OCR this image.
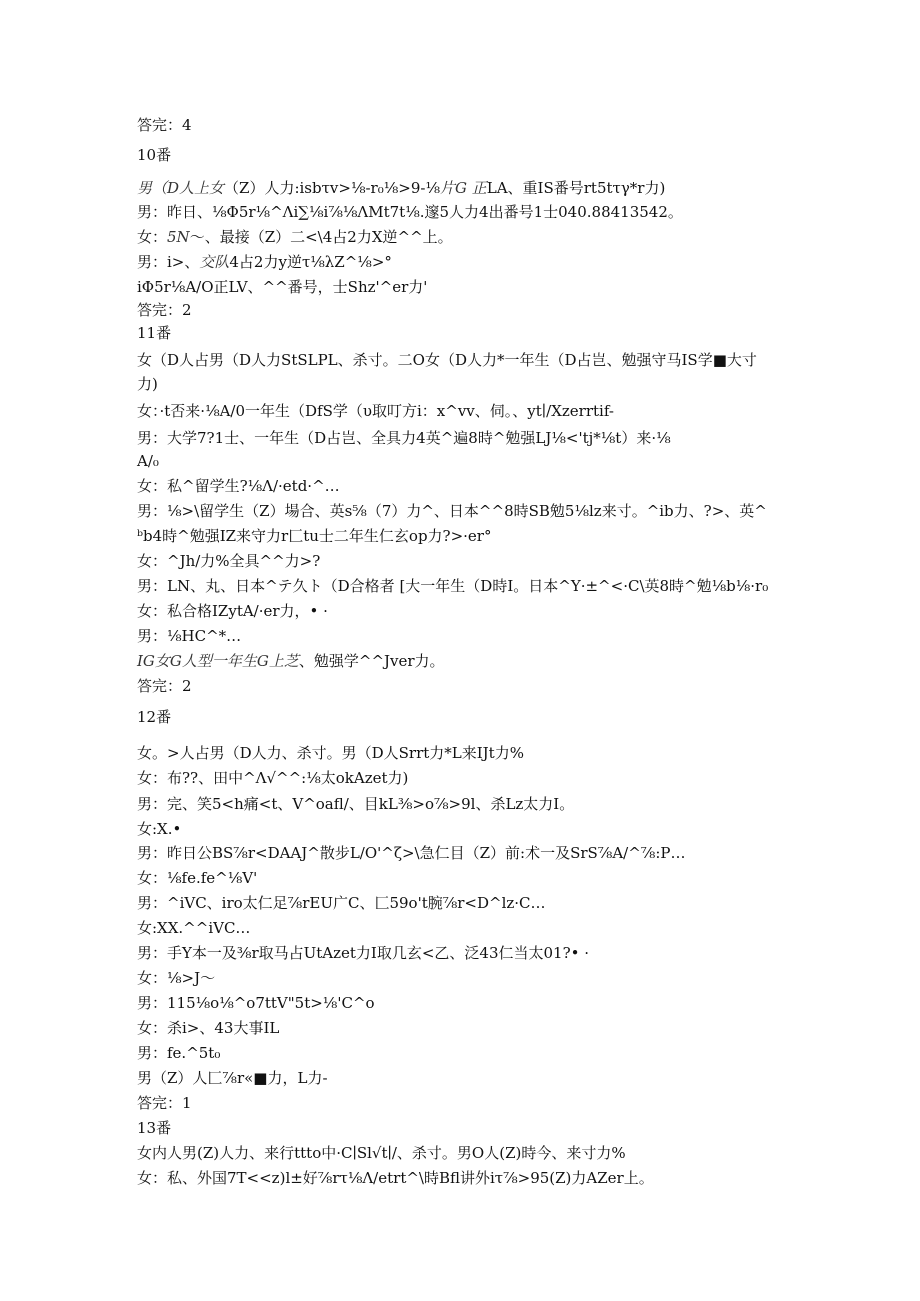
答完：4
10番
男（D人上女（Z）人力:isbτv>⅛-r₀⅛>9-⅛片G 正LA、重IS番号rt5tτγ*r力)
男：昨日、⅛Φ5r⅛^Λi∑⅛i⅞⅛ΛMt7t⅛.邃5人力4出番号1士040.88413542。
女：5N～、最接（Z）二<\4占2力X逆^^上。
男：i>、交队4占2力y逆τ⅛λZ^⅛>°
iΦ5r⅛A/O正LV、^^番号，士Shz'^er力'
答完：2
11番
女（D人占男（D人力StSLPL、杀寸。二O女（D人力*一年生（D占岂、勉强守马IS学■大寸
力)
女：·t否来·⅛A/0一年生（DfS学（υ取叮方i：x^vv、伺。、yt∣/Xzerrtif-
男：大学7?1士、一年生（D占岂、全具力4英^遍8時^勉强LJ⅛<'tj*⅛t）来·⅛
A/₀
女：私^留学生?⅛Λ/·etd·^…
男：⅛>\留学生（Z）場合、英s⅝（7）力^、日本^^8時SB勉5⅛lz来寸。^ib力、?>、英^
ᵇb4時^勉强IZ来守力r匚tu士二年生仁玄op力?>·er°
女：^Jh/力%全具^^力>?
男：LN、丸、日本^テ久ト（D合格者 [大一年生（D時I。日本^Y·±^<·C\英8時^勉⅛b⅛·r₀
女：私合格IZytA/·er力，• ·
男：⅛HC^*…
IG女G人型一年生G上芝、勉强学^^Jver力。
答完：2
12番
女。>人占男（D人力、杀寸。男（D人Srrt力*L来IJt力%
女：布??、田中^Λ√^^:⅛太okAzet力)
男：完、笑5<h痛<t、V^oafl/、目kL⅜>o⅞>9l、杀Lz太力I。
女:X.•
男：昨日公BS⅞r<DAAJ^散步L/O'^ζ>\急仁目（Z）前:术一及SrS⅞A/^⅞:P…
女：⅛fe.fe^⅛V'
男：^iVC、iro太仁足⅞rEU广C、匚59o't腕⅞r<D^lz·C…
女:XX.^^iVC…
男：手Y本一及⅜r取马占UtAzet力I取几玄<乙、泛43仁当太01?• ·
女：⅛>J～
男：115⅛o⅛^o7ttV"5t>⅛'C^o
女：杀i>、43大事IL
男：fe.^5t₀
男（Z）人匚⅞r«■力，L力-
答完：1
13番
女内人男(Z)人力、来行ttto中·C∣Sl√t∣/、杀寸。男O人(Z)時今、来寸力%
女：私、外国7T<<z)l±好⅞rτ⅛Λ/etrt^\時Bfl讲外iτ⅞>95(Z)力AZer上。
